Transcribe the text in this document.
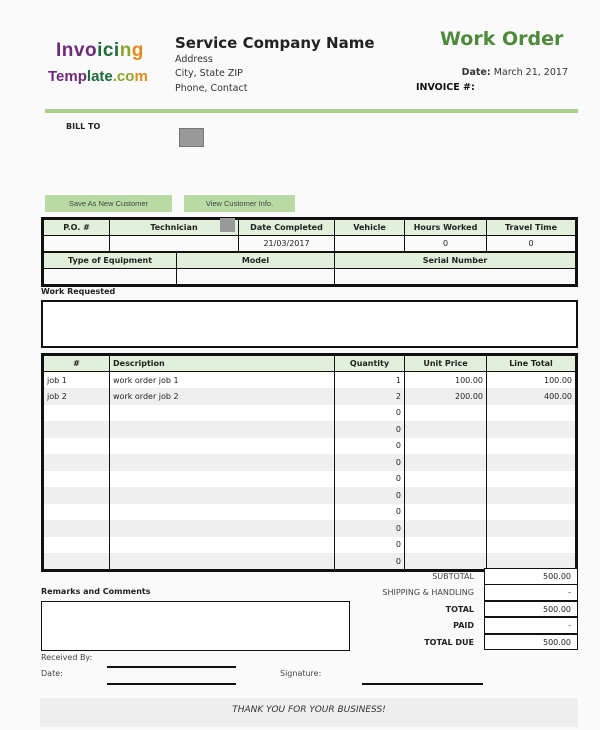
Invoicing
Template.com
Service Company Name
Address
City, State ZIP
Phone, Contact
Work Order
Date: March 21, 2017
INVOICE #:
BILL TO
Save As New Customer	View Customer Info.
P.O. #	Technician	Date Completed	Vehicle	Hours Worked	Travel Time
		21/03/2017		0	0
Type of Equipment	Model	Serial Number

Work Requested
#	Description	Quantity	Unit Price	Line Total
job 1	work order job 1	1	100.00	100.00
job 2	work order job 2	2	200.00	400.00
		0		
		0		
		0		
		0		
		0		
		0		
		0		
		0		
		0		
		0		
SUBTOTAL	500.00
SHIPPING & HANDLING	-
TOTAL	500.00
PAID	-
TOTAL DUE	500.00
Remarks and Comments
Received By:
Date:	Signature:
THANK YOU FOR YOUR BUSINESS!
